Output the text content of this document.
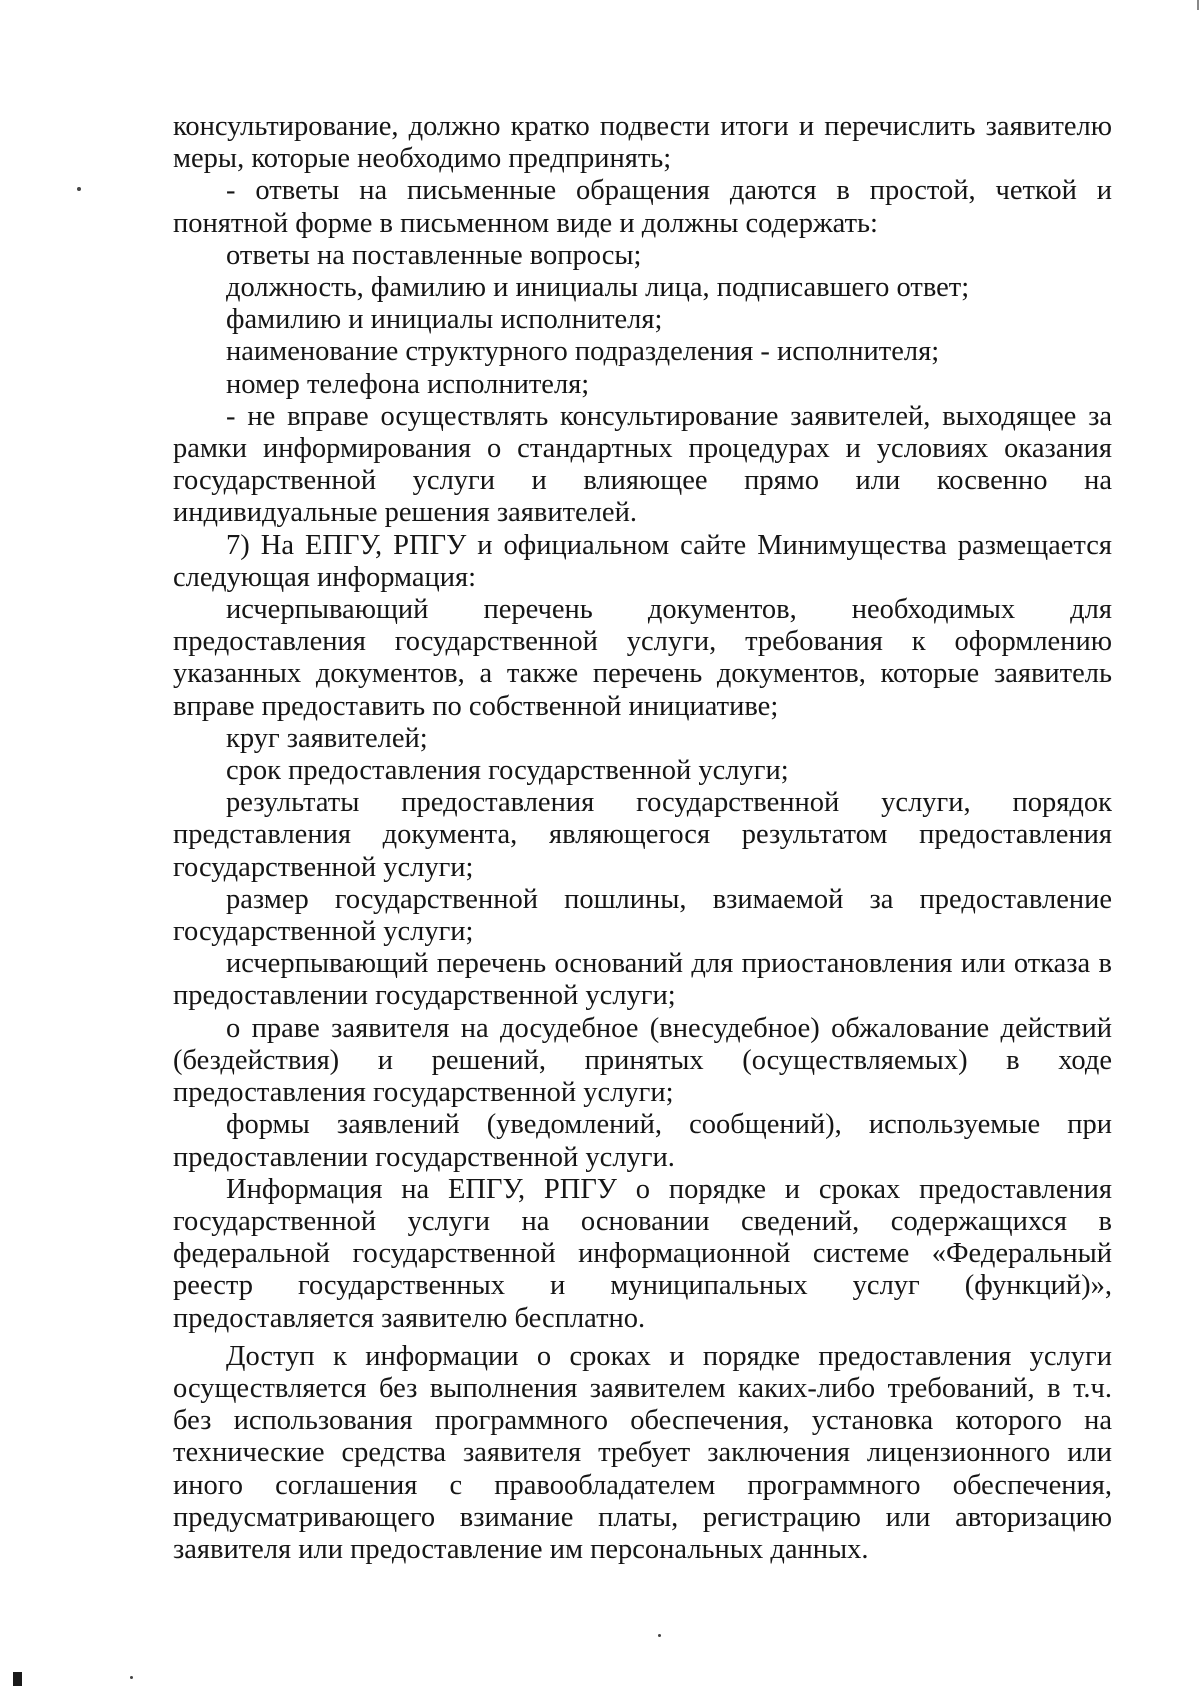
консультирование, должно кратко подвести итоги и перечислить заявителю меры, которые необходимо предпринять;

- ответы на письменные обращения даются в простой, четкой и понятной форме в письменном виде и должны содержать:

ответы на поставленные вопросы;

должность, фамилию и инициалы лица, подписавшего ответ;

фамилию и инициалы исполнителя;

наименование структурного подразделения - исполнителя;

номер телефона исполнителя;

- не вправе осуществлять консультирование заявителей, выходящее за рамки информирования о стандартных процедурах и условиях оказания государственной услуги и влияющее прямо или косвенно на индивидуальные решения заявителей.

7) На ЕПГУ, РПГУ и официальном сайте Минимущества размещается следующая информация:

исчерпывающий перечень документов, необходимых для предоставления государственной услуги, требования к оформлению указанных документов, а также перечень документов, которые заявитель вправе предоставить по собственной инициативе;

круг заявителей;

срок предоставления государственной услуги;

результаты предоставления государственной услуги, порядок представления документа, являющегося результатом предоставления государственной услуги;

размер государственной пошлины, взимаемой за предоставление государственной услуги;

исчерпывающий перечень оснований для приостановления или отказа в предоставлении государственной услуги;

о праве заявителя на досудебное (внесудебное) обжалование действий (бездействия) и решений, принятых (осуществляемых) в ходе предоставления государственной услуги;

формы заявлений (уведомлений, сообщений), используемые при предоставлении государственной услуги.

Информация на ЕПГУ, РПГУ о порядке и сроках предоставления государственной услуги на основании сведений, содержащихся в федеральной государственной информационной системе «Федеральный реестр государственных и муниципальных услуг (функций)», предоставляется заявителю бесплатно.

Доступ к информации о сроках и порядке предоставления услуги осуществляется без выполнения заявителем каких-либо требований, в т.ч. без использования программного обеспечения, установка которого на технические средства заявителя требует заключения лицензионного или иного соглашения с правообладателем программного обеспечения, предусматривающего взимание платы, регистрацию или авторизацию заявителя или предоставление им персональных данных.
